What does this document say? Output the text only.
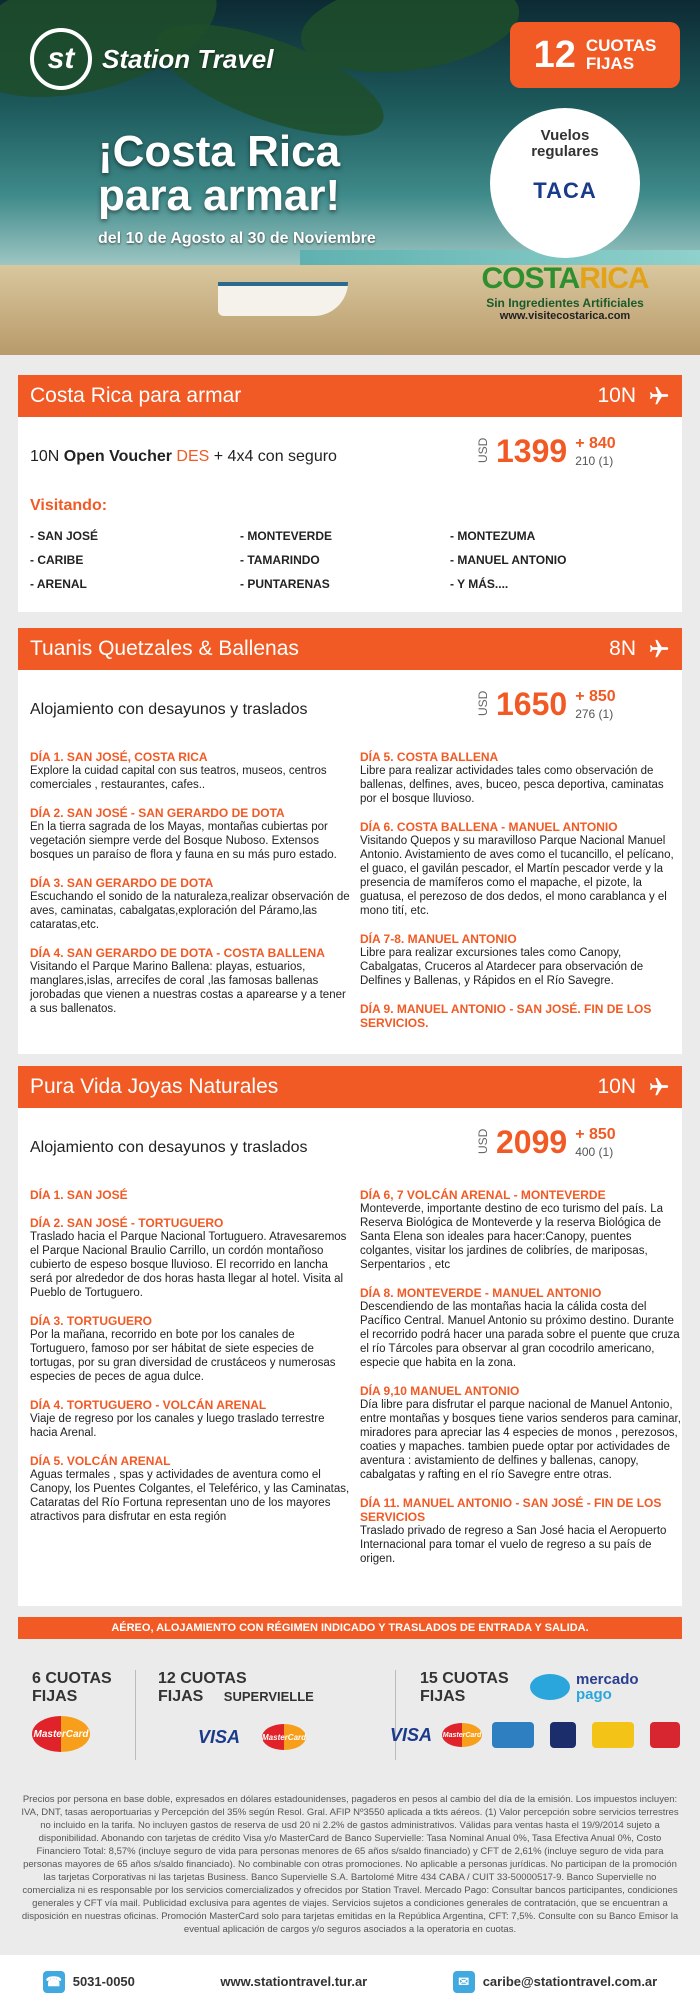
st	Station Travel
¡Costa Rica
para armar!
del 10 de Agosto al 30 de Noviembre
12 CUOTAS
FIJAS
Vuelos
regulares
TACA
COSTARICA
Sin Ingredientes Artificiales
www.visitecostarica.com
Costa Rica para armar	10N
10N Open Voucher DES + 4x4 con seguro	USD 1399 + 840
210 (1)
Visitando:
- SAN JOSÉ	- MONTEVERDE	- MONTEZUMA
- CARIBE	- TAMARINDO	- MANUEL ANTONIO
- ARENAL	- PUNTARENAS	- Y MÁS....
Tuanis Quetzales & Ballenas	8N
Alojamiento con desayunos y traslados	USD 1650 + 850
276 (1)
DÍA 1. SAN JOSÉ, COSTA RICA

Explore la cuidad capital con sus teatros, museos, centros comerciales , restaurantes, cafes..

DÍA 2. SAN JOSÉ - SAN GERARDO DE DOTA

En la tierra sagrada de los Mayas, montañas cubiertas por vegetación siempre verde del Bosque Nuboso. Extensos bosques un paraíso de flora y fauna en su más puro estado.

DÍA 3. SAN GERARDO DE DOTA

Escuchando el sonido de la naturaleza,realizar observación de aves, caminatas, cabalgatas,exploración del Páramo,las cataratas,etc.

DÍA 4. SAN GERARDO DE DOTA - COSTA BALLENA

Visitando el Parque Marino Ballena: playas, estuarios, manglares,islas, arrecifes de coral ,las famosas ballenas jorobadas que vienen a nuestras costas a aparearse y a tener a sus ballenatos.

DÍA 5. COSTA BALLENA

Libre para realizar actividades tales como observación de ballenas, delfines, aves, buceo, pesca deportiva, caminatas por el bosque lluvioso.

DÍA 6. COSTA BALLENA - MANUEL ANTONIO

Visitando Quepos y su maravilloso Parque Nacional Manuel Antonio. Avistamiento de aves como el tucancillo, el pelícano, el guaco, el gavilán pescador, el Martín pescador verde y la presencia de mamíferos como el mapache, el pizote, la guatusa, el perezoso de dos dedos, el mono carablanca y el mono tití, etc.

DÍA 7-8. MANUEL ANTONIO

Libre para realizar excursiones tales como Canopy, Cabalgatas, Cruceros al Atardecer para observación de Delfines y Ballenas, y Rápidos en el Río Savegre.

DÍA 9. MANUEL ANTONIO - SAN JOSÉ. FIN DE LOS SERVICIOS.

Pura Vida Joyas Naturales	10N
Alojamiento con desayunos y traslados	USD 2099 + 850
400 (1)
DÍA 1. SAN JOSÉ

DÍA 2. SAN JOSÉ - TORTUGUERO

Traslado hacia el Parque Nacional Tortuguero. Atravesaremos el Parque Nacional Braulio Carrillo, un cordón montañoso cubierto de espeso bosque lluvioso. El recorrido en lancha será por alrededor de dos horas hasta llegar al hotel. Visita al Pueblo de Tortuguero.

DÍA 3. TORTUGUERO

Por la mañana, recorrido en bote por los canales de Tortuguero, famoso por ser hábitat de siete especies de tortugas, por su gran diversidad de crustáceos y numerosas especies de peces de agua dulce.

DÍA 4. TORTUGUERO - VOLCÁN ARENAL

Viaje de regreso por los canales y luego traslado terrestre hacia Arenal.

DÍA 5. VOLCÁN ARENAL

Aguas termales , spas y actividades de aventura como el Canopy, los Puentes Colgantes, el Teleférico, y las Caminatas, Cataratas del Río Fortuna representan uno de los mayores atractivos para disfrutar en esta región

DÍA 6, 7 VOLCÁN ARENAL - MONTEVERDE

Monteverde, importante destino de eco turismo del país. La Reserva Biológica de Monteverde y la reserva Biológica de Santa Elena son ideales para hacer:Canopy, puentes colgantes, visitar los jardines de colibríes, de mariposas, Serpentarios , etc

DÍA 8. MONTEVERDE - MANUEL ANTONIO

Descendiendo de las montañas hacia la cálida costa del Pacífico Central. Manuel Antonio su próximo destino. Durante el recorrido podrá hacer una parada sobre el puente que cruza el río Tárcoles para observar al gran cocodrilo americano, especie que habita en la zona.

DÍA 9,10 MANUEL ANTONIO

Día libre para disfrutar el parque nacional de Manuel Antonio, entre montañas y bosques tiene varios senderos para caminar, miradores para apreciar las 4 especies de monos , perezosos, coaties y mapaches. tambien puede optar por actividades de aventura : avistamiento de delfines y ballenas, canopy, cabalgatas y rafting en el río Savegre entre otras.

DÍA 11. MANUEL ANTONIO - SAN JOSÉ - FIN DE LOS SERVICIOS

Traslado privado de regreso a San José hacia el Aeropuerto Internacional para tomar el vuelo de regreso a su país de origen.

AÉREO, ALOJAMIENTO CON RÉGIMEN INDICADO Y TRASLADOS DE ENTRADA Y SALIDA.
6 CUOTAS
FIJAS
MasterCard
12 CUOTAS
FIJAS SUPERVIELLE
VISA	MasterCard
15 CUOTAS
FIJAS
mercado
pago
VISA MasterCard
Precios por persona en base doble, expresados en dólares estadounidenses, pagaderos en pesos al cambio del día de la emisión. Los impuestos incluyen: IVA, DNT, tasas aeroportuarias y Percepción del 35% según Resol. Gral. AFIP Nº3550 aplicada a tkts aéreos. (1) Valor percepción sobre servicios terrestres no incluido en la tarifa. No incluyen gastos de reserva de usd 20 ni 2.2% de gastos administrativos. Válidas para ventas hasta el 19/9/2014 sujeto a disponibilidad. Abonando con tarjetas de crédito Visa y/o MasterCard de Banco Supervielle: Tasa Nominal Anual 0%, Tasa Efectiva Anual 0%, Costo Financiero Total: 8,57% (incluye seguro de vida para personas menores de 65 años s/saldo financiado) y CFT de 2,61% (incluye seguro de vida para personas mayores de 65 años s/saldo financiado). No combinable con otras promociones. No aplicable a personas jurídicas. No participan de la promoción las tarjetas Corporativas ni las tarjetas Business. Banco Supervielle S.A. Bartolomé Mitre 434 CABA / CUIT 33-50000517-9. Banco Supervielle no comercializa ni es responsable por los servicios comercializados y ofrecidos por Station Travel. Mercado Pago: Consultar bancos participantes, condiciones generales y CFT vía mail. Publicidad exclusiva para agentes de viajes. Servicios sujetos a condiciones generales de contratación, que se encuentran a disposición en nuestras oficinas. Promoción MasterCard solo para tarjetas emitidas en la República Argentina, CFT: 7,5%. Consulte con su Banco Emisor la eventual aplicación de cargos y/o seguros asociados a la operatoria en cuotas.
☎ 5031-0050	www.stationtravel.tur.ar	✉	caribe@stationtravel.com.ar
